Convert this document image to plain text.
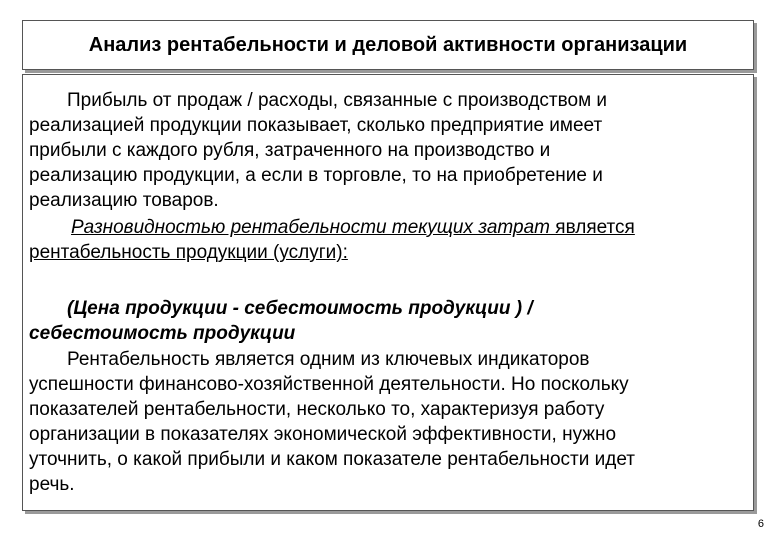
Анализ рентабельности и деловой активности организации
Прибыль от продаж / расходы, связанные с производством и
реализацией продукции показывает, сколько предприятие имеет
прибыли с каждого рубля, затраченного на производство и
реализацию продукции, а если в торговле, то на приобретение и
реализацию товаров.
Разновидностью рентабельности текущих затрат является
рентабельность продукции (услуги):
(Цена продукции - себестоимость продукции ) /
себестоимость продукции
Рентабельность является одним из ключевых индикаторов
успешности финансово-хозяйственной деятельности. Но поскольку
показателей рентабельности, несколько то, характеризуя работу
организации в показателях экономической эффективности, нужно
уточнить, о какой прибыли и каком показателе рентабельности идет
речь.
6
